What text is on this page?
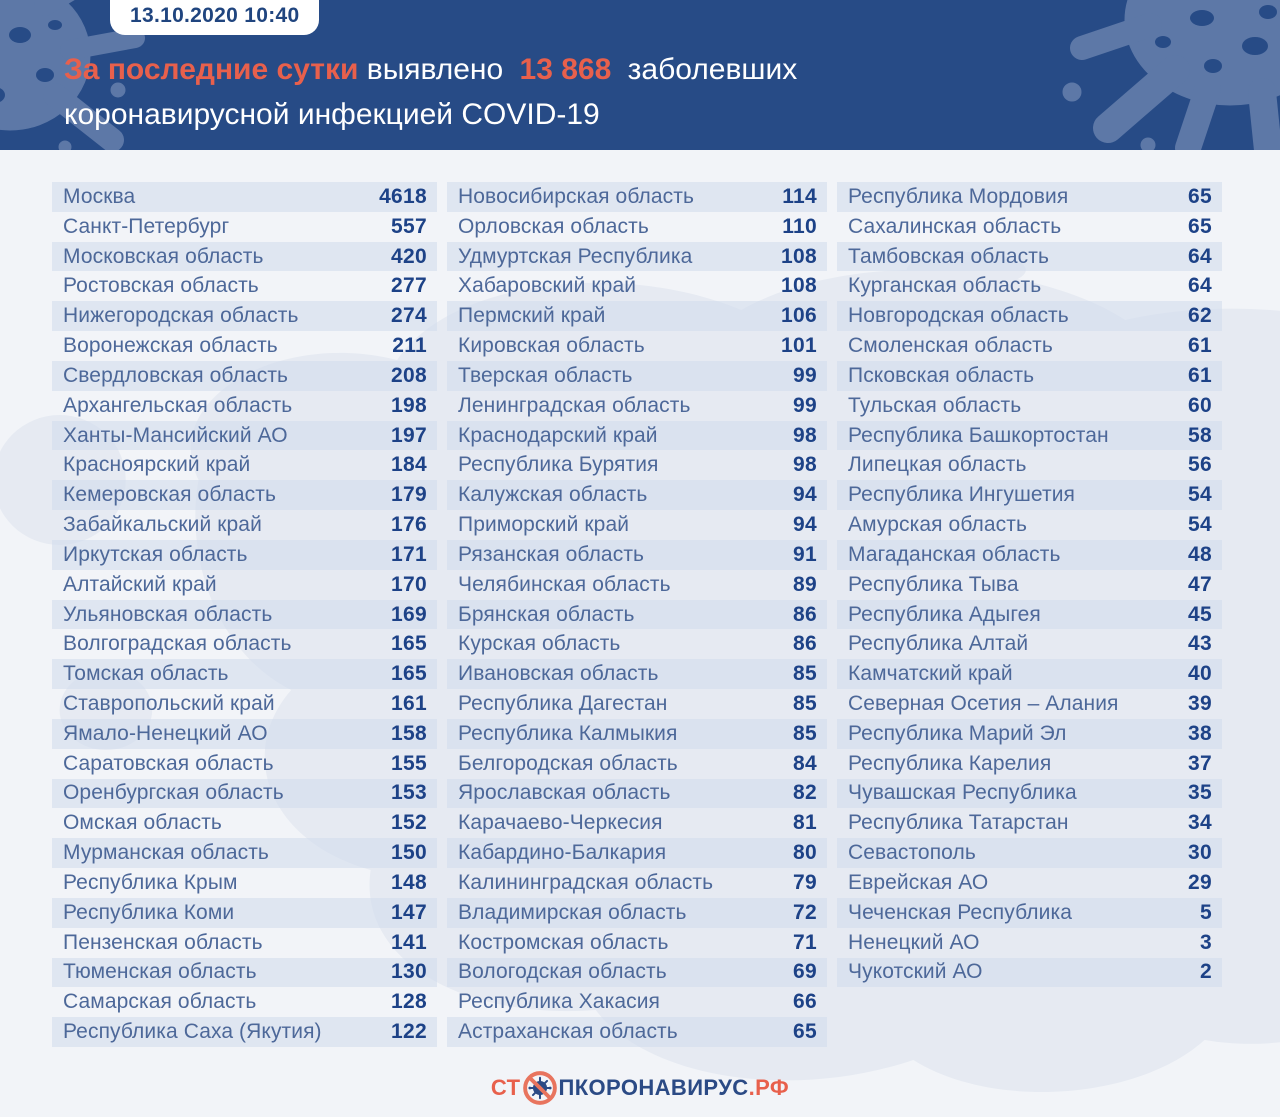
13.10.2020 10:40
За последние сутки выявлено 13 868 заболевших
коронавирусной инфекцией COVID-19
Москва	4618
Санкт-Петербург	557
Московская область	420
Ростовская область	277
Нижегородская область	274
Воронежская область	211
Свердловская область	208
Архангельская область	198
Ханты-Мансийский АО	197
Красноярский край	184
Кемеровская область	179
Забайкальский край	176
Иркутская область	171
Алтайский край	170
Ульяновская область	169
Волгоградская область	165
Томская область	165
Ставропольский край	161
Ямало-Ненецкий АО	158
Саратовская область	155
Оренбургская область	153
Омская область	152
Мурманская область	150
Республика Крым	148
Республика Коми	147
Пензенская область	141
Тюменская область	130
Самарская область	128
Республика Саха (Якутия)	122
Новосибирская область	114
Орловская область	110
Удмуртская Республика	108
Хабаровский край	108
Пермский край	106
Кировская область	101
Тверская область	99
Ленинградская область	99
Краснодарский край	98
Республика Бурятия	98
Калужская область	94
Приморский край	94
Рязанская область	91
Челябинская область	89
Брянская область	86
Курская область	86
Ивановская область	85
Республика Дагестан	85
Республика Калмыкия	85
Белгородская область	84
Ярославская область	82
Карачаево-Черкесия	81
Кабардино-Балкария	80
Калининградская область	79
Владимирская область	72
Костромская область	71
Вологодская область	69
Республика Хакасия	66
Астраханская область	65
Республика Мордовия	65
Сахалинская область	65
Тамбовская область	64
Курганская область	64
Новгородская область	62
Смоленская область	61
Псковская область	61
Тульская область	60
Республика Башкортостан	58
Липецкая область	56
Республика Ингушетия	54
Амурская область	54
Магаданская область	48
Республика Тыва	47
Республика Адыгея	45
Республика Алтай	43
Камчатский край	40
Северная Осетия – Алания	39
Республика Марий Эл	38
Республика Карелия	37
Чувашская Республика	35
Республика Татарстан	34
Севастополь	30
Еврейская АО	29
Чеченская Республика	5
Ненецкий АО	3
Чукотский АО	2
СТ ПКОРОНАВИРУС .РФ
